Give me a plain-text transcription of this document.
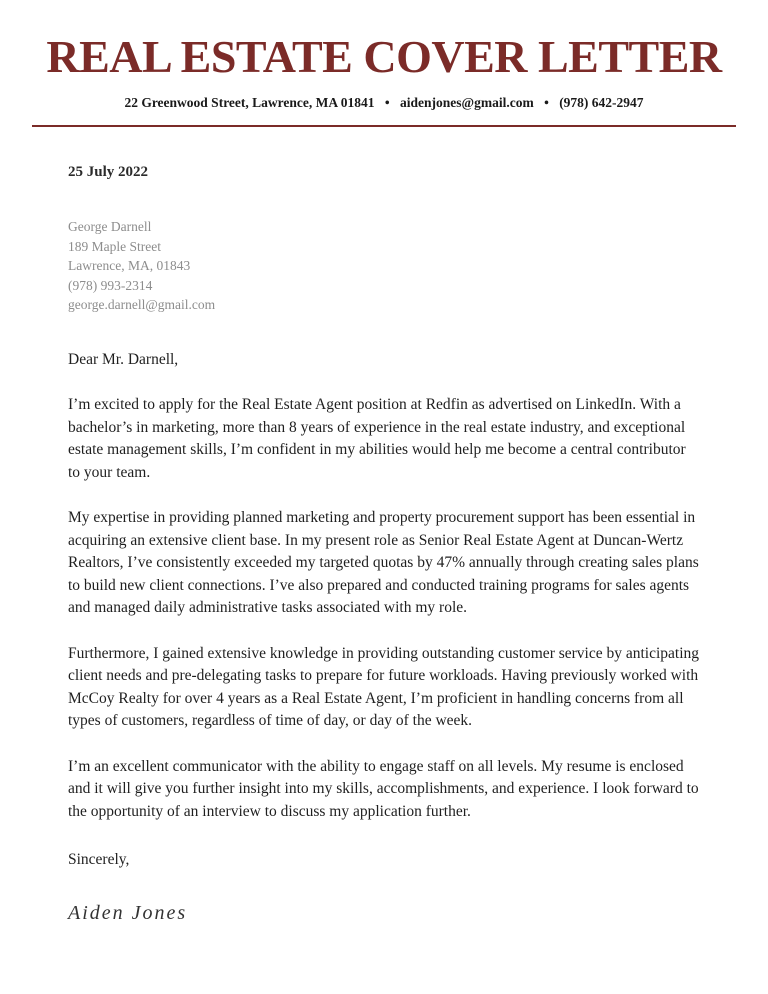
REAL ESTATE COVER LETTER
22 Greenwood Street, Lawrence, MA 01841 • aidenjones@gmail.com • (978) 642-2947

25 July 2022

George Darnell
189 Maple Street
Lawrence, MA, 01843
(978) 993-2314
george.darnell@gmail.com

Dear Mr. Darnell,

I’m excited to apply for the Real Estate Agent position at Redfin as advertised on LinkedIn. With a bachelor’s in marketing, more than 8 years of experience in the real estate industry, and exceptional estate management skills, I’m confident in my abilities would help me become a central contributor to your team.

My expertise in providing planned marketing and property procurement support has been essential in acquiring an extensive client base. In my present role as Senior Real Estate Agent at Duncan-Wertz Realtors, I’ve consistently exceeded my targeted quotas by 47% annually through creating sales plans to build new client connections. I’ve also prepared and conducted training programs for sales agents and managed daily administrative tasks associated with my role.

Furthermore, I gained extensive knowledge in providing outstanding customer service by anticipating client needs and pre-delegating tasks to prepare for future workloads. Having previously worked with McCoy Realty for over 4 years as a Real Estate Agent, I’m proficient in handling concerns from all types of customers, regardless of time of day, or day of the week.

I’m an excellent communicator with the ability to engage staff on all levels. My resume is enclosed and it will give you further insight into my skills, accomplishments, and experience. I look forward to the opportunity of an interview to discuss my application further.

Sincerely,

Aiden Jones
